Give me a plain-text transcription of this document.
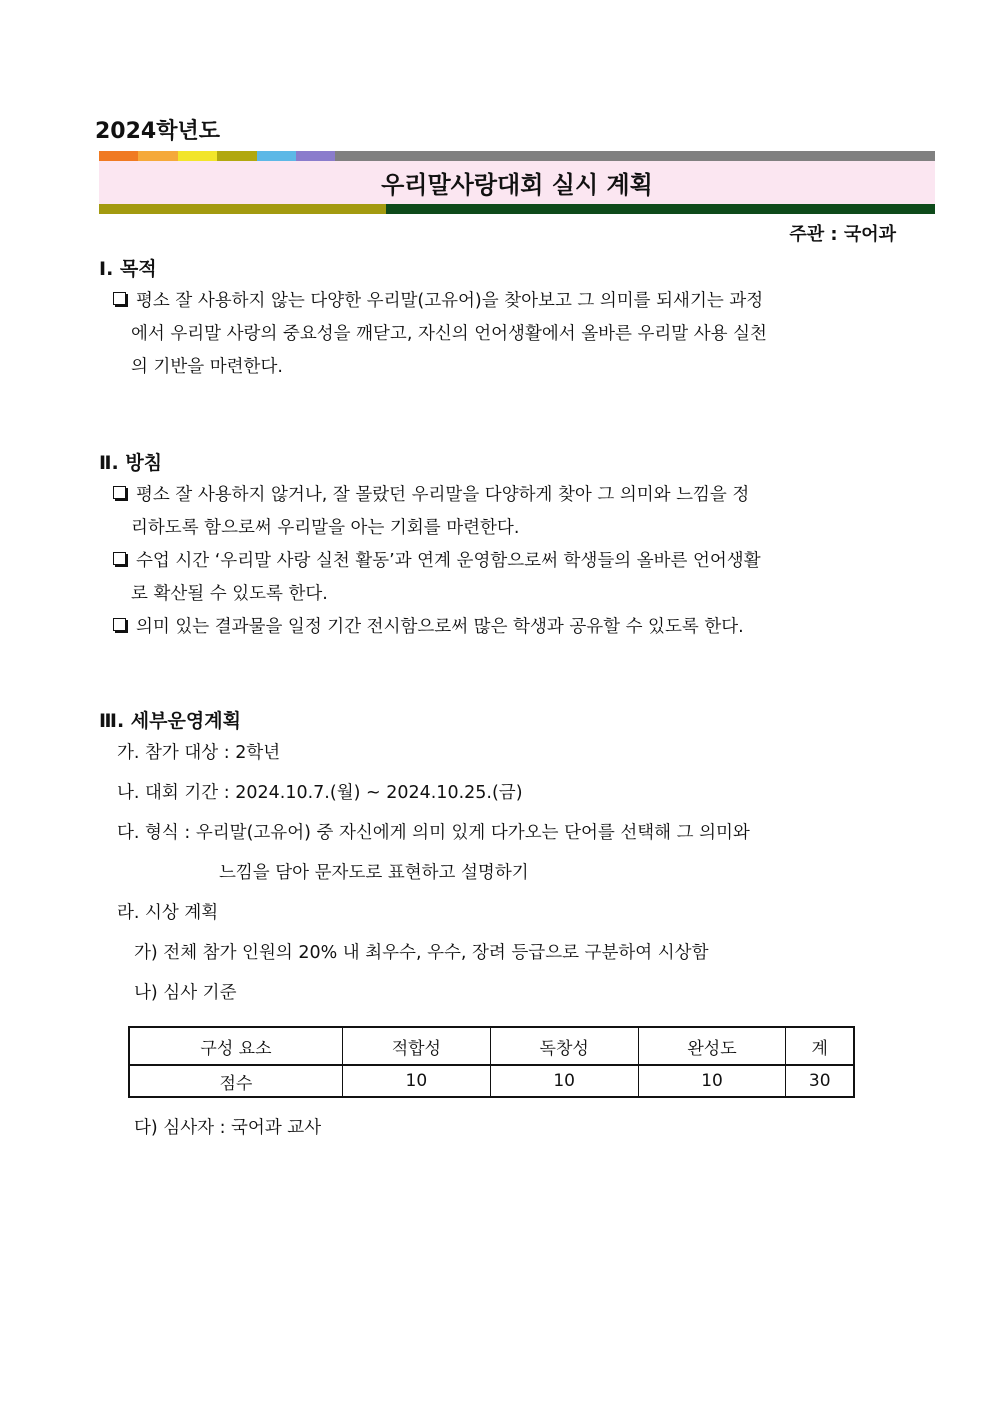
2024학년도
우리말사랑대회 실시 계획
주관 : 국어과
Ⅰ. 목적
평소 잘 사용하지 않는 다양한 우리말(고유어)을 찾아보고 그 의미를 되새기는 과정
에서 우리말 사랑의 중요성을 깨닫고, 자신의 언어생활에서 올바른 우리말 사용 실천
의 기반을 마련한다.
Ⅱ. 방침
평소 잘 사용하지 않거나, 잘 몰랐던 우리말을 다양하게 찾아 그 의미와 느낌을 정
리하도록 함으로써 우리말을 아는 기회를 마련한다.
수업 시간 ‘우리말 사랑 실천 활동’과 연계 운영함으로써 학생들의 올바른 언어생활
로 확산될 수 있도록 한다.
의미 있는 결과물을 일정 기간 전시함으로써 많은 학생과 공유할 수 있도록 한다.
Ⅲ. 세부운영계획
가. 참가 대상 : 2학년
나. 대회 기간 : 2024.10.7.(월) ~ 2024.10.25.(금)
다. 형식 : 우리말(고유어) 중 자신에게 의미 있게 다가오는 단어를 선택해 그 의미와
느낌을 담아 문자도로 표현하고 설명하기
라. 시상 계획
가) 전체 참가 인원의 20% 내 최우수, 우수, 장려 등급으로 구분하여 시상함
나) 심사 기준
구성 요소	적합성	독창성	완성도	계
점수	10	10	10	30
다) 심사자 : 국어과 교사
